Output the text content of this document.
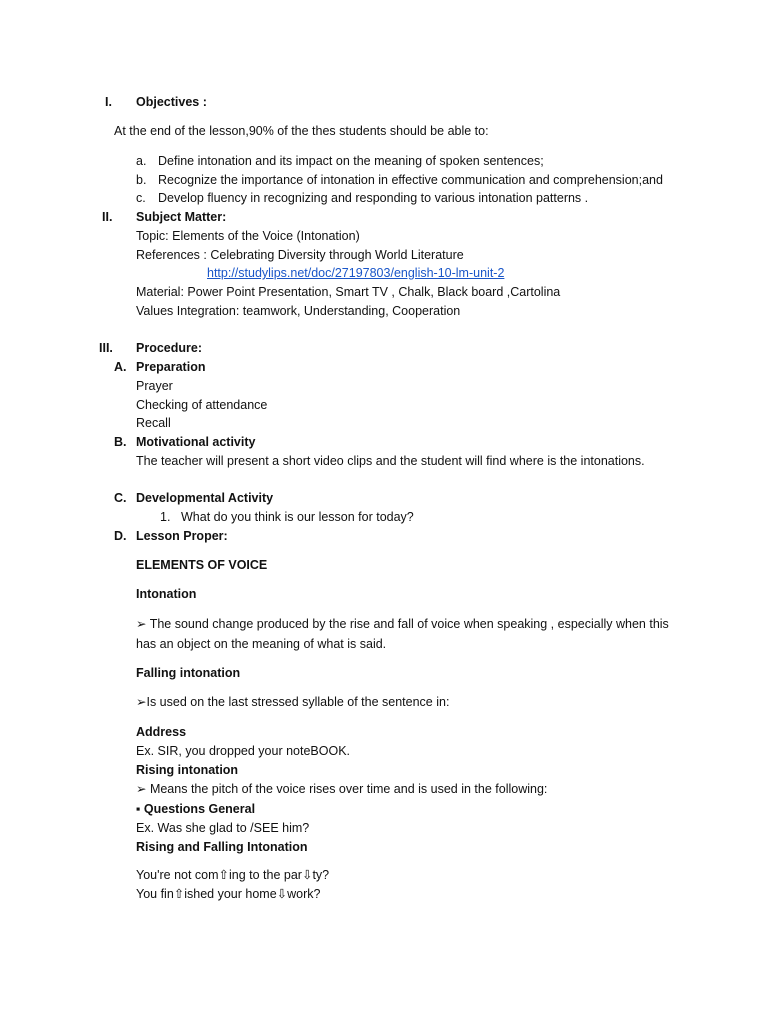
I. Objectives :
At the end of the lesson,90% of the thes students should be able to:
a. Define intonation and its impact on the meaning of spoken sentences;
b. Recognize the importance of intonation in effective communication and comprehension;and
c. Develop fluency in recognizing and responding to various intonation patterns .
II. Subject Matter:
Topic: Elements of the Voice (Intonation)
References : Celebrating Diversity through World Literature
http://studylips.net/doc/27197803/english-10-lm-unit-2
Material: Power Point Presentation, Smart TV , Chalk, Black board ,Cartolina
Values Integration: teamwork, Understanding, Cooperation
III. Procedure:
A. Preparation
Prayer
Checking of attendance
Recall
B. Motivational activity
The teacher will present a short video clips and the student will find where is the intonations.
C. Developmental Activity
1. What do you think is our lesson for today?
D. Lesson Proper:
ELEMENTS OF VOICE
Intonation
➢ The sound change produced by the rise and fall of voice when speaking , especially when this
has an object on the meaning of what is said.
Falling intonation
➢Is used on the last stressed syllable of the sentence in:
Address
Ex. SIR, you dropped your noteBOOK.
Rising intonation
➢ Means the pitch of the voice rises over time and is used in the following:
▪ Questions General
Ex. Was she glad to /SEE him?
Rising and Falling Intonation
You're not com⇧ing to the par⇩ty?
You fin⇧ished your home⇩work?
